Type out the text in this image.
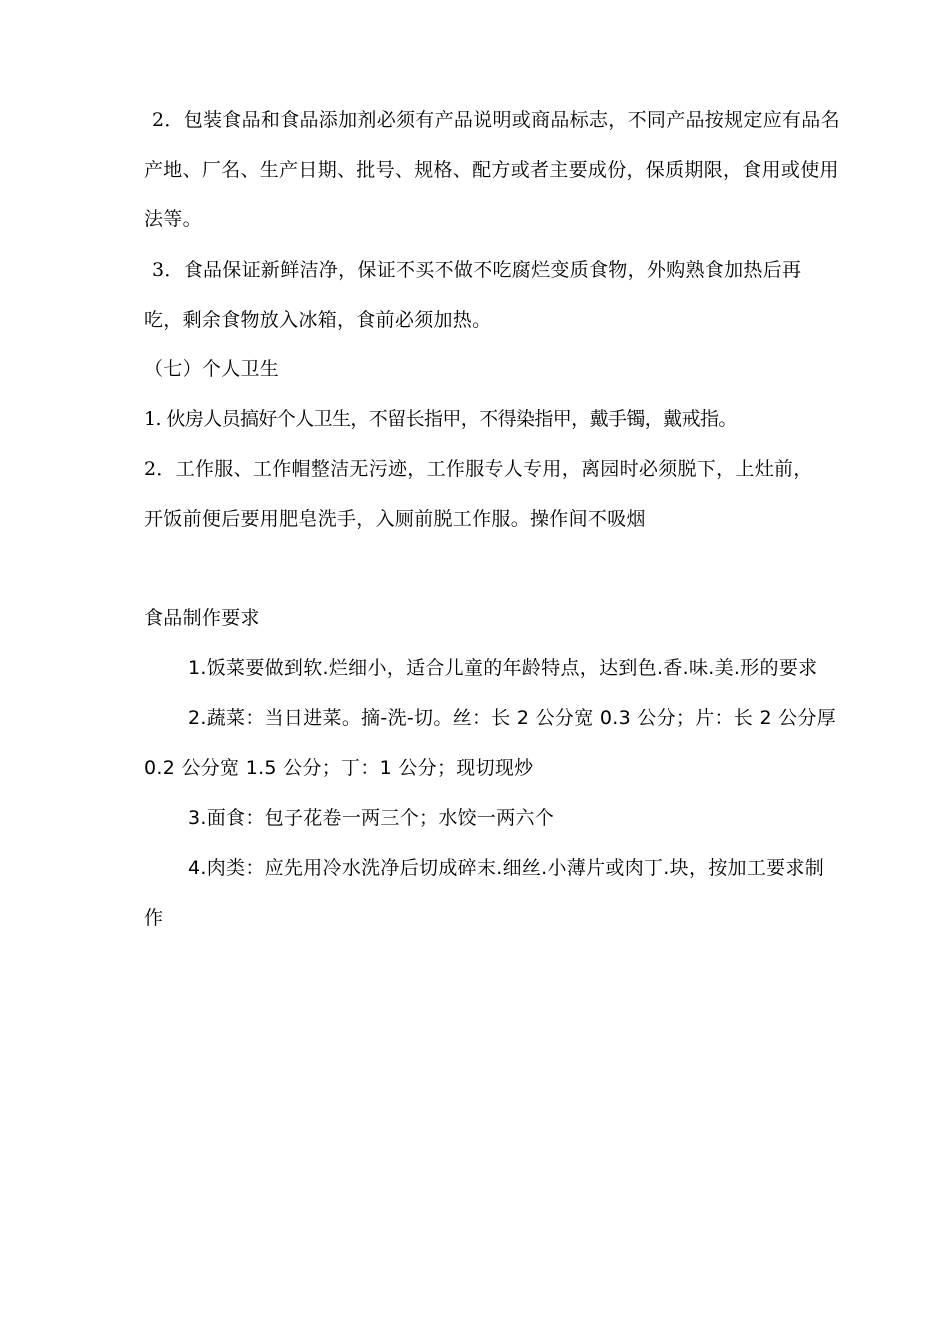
2．包装食品和食品添加剂必须有产品说明或商品标志，不同产品按规定应有品名
产地、厂名、生产日期、批号、规格、配方或者主要成份，保质期限，食用或使用
法等。
3．食品保证新鲜洁净，保证不买不做不吃腐烂变质食物，外购熟食加热后再
吃，剩余食物放入冰箱，食前必须加热。
（七）个人卫生
1. 伙房人员搞好个人卫生，不留长指甲，不得染指甲，戴手镯，戴戒指。
2．工作服、工作帽整洁无污迹，工作服专人专用，离园时必须脱下，上灶前，
开饭前便后要用肥皂洗手，入厕前脱工作服。操作间不吸烟
食品制作要求
1.饭菜要做到软.烂细小，适合儿童的年龄特点，达到色.香.味.美.形的要求
2.蔬菜：当日进菜。摘-洗-切。丝：长 2 公分宽 0.3 公分；片：长 2 公分厚
0.2 公分宽 1.5 公分；丁：1 公分；现切现炒
3.面食：包子花卷一两三个；水饺一两六个
4.肉类：应先用冷水洗净后切成碎末.细丝.小薄片或肉丁.块，按加工要求制
作
